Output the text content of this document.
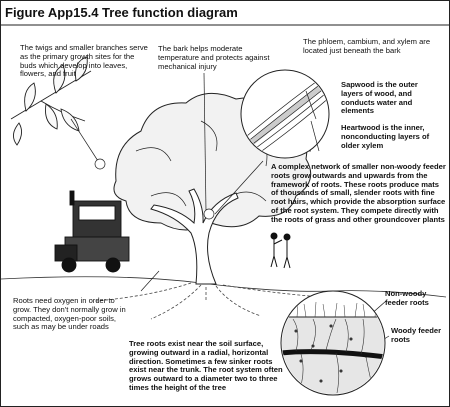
Figure App15.4 Tree function diagram
The twigs and smaller branches serve as the primary growth sites for the buds which develop into leaves, flowers, and fruit
The bark helps moderate temperature and protects against mechanical injury
The phloem, cambium, and xylem are located just beneath the bark
Sapwood is the outer layers of wood, and conducts water and elements
Heartwood is the inner, nonconducting layers of older xylem
A complex network of smaller non-woody feeder roots grow outwards and upwards from the framework of roots. These roots produce mats of thousands of small, slender roots with fine root hairs, which provide the absorption surface of the root system. They compete directly with the roots of grass and other groundcover plants
Roots need oxygen in order to grow. They don't normally grow in compacted, oxygen-poor soils, such as may be under roads
Tree roots exist near the soil surface, growing outward in a radial, horizontal direction. Sometimes a few sinker roots exist near the trunk. The root system often grows outward to a diameter two to three times the height of the tree
Non-woody feeder roots
Woody feeder roots
